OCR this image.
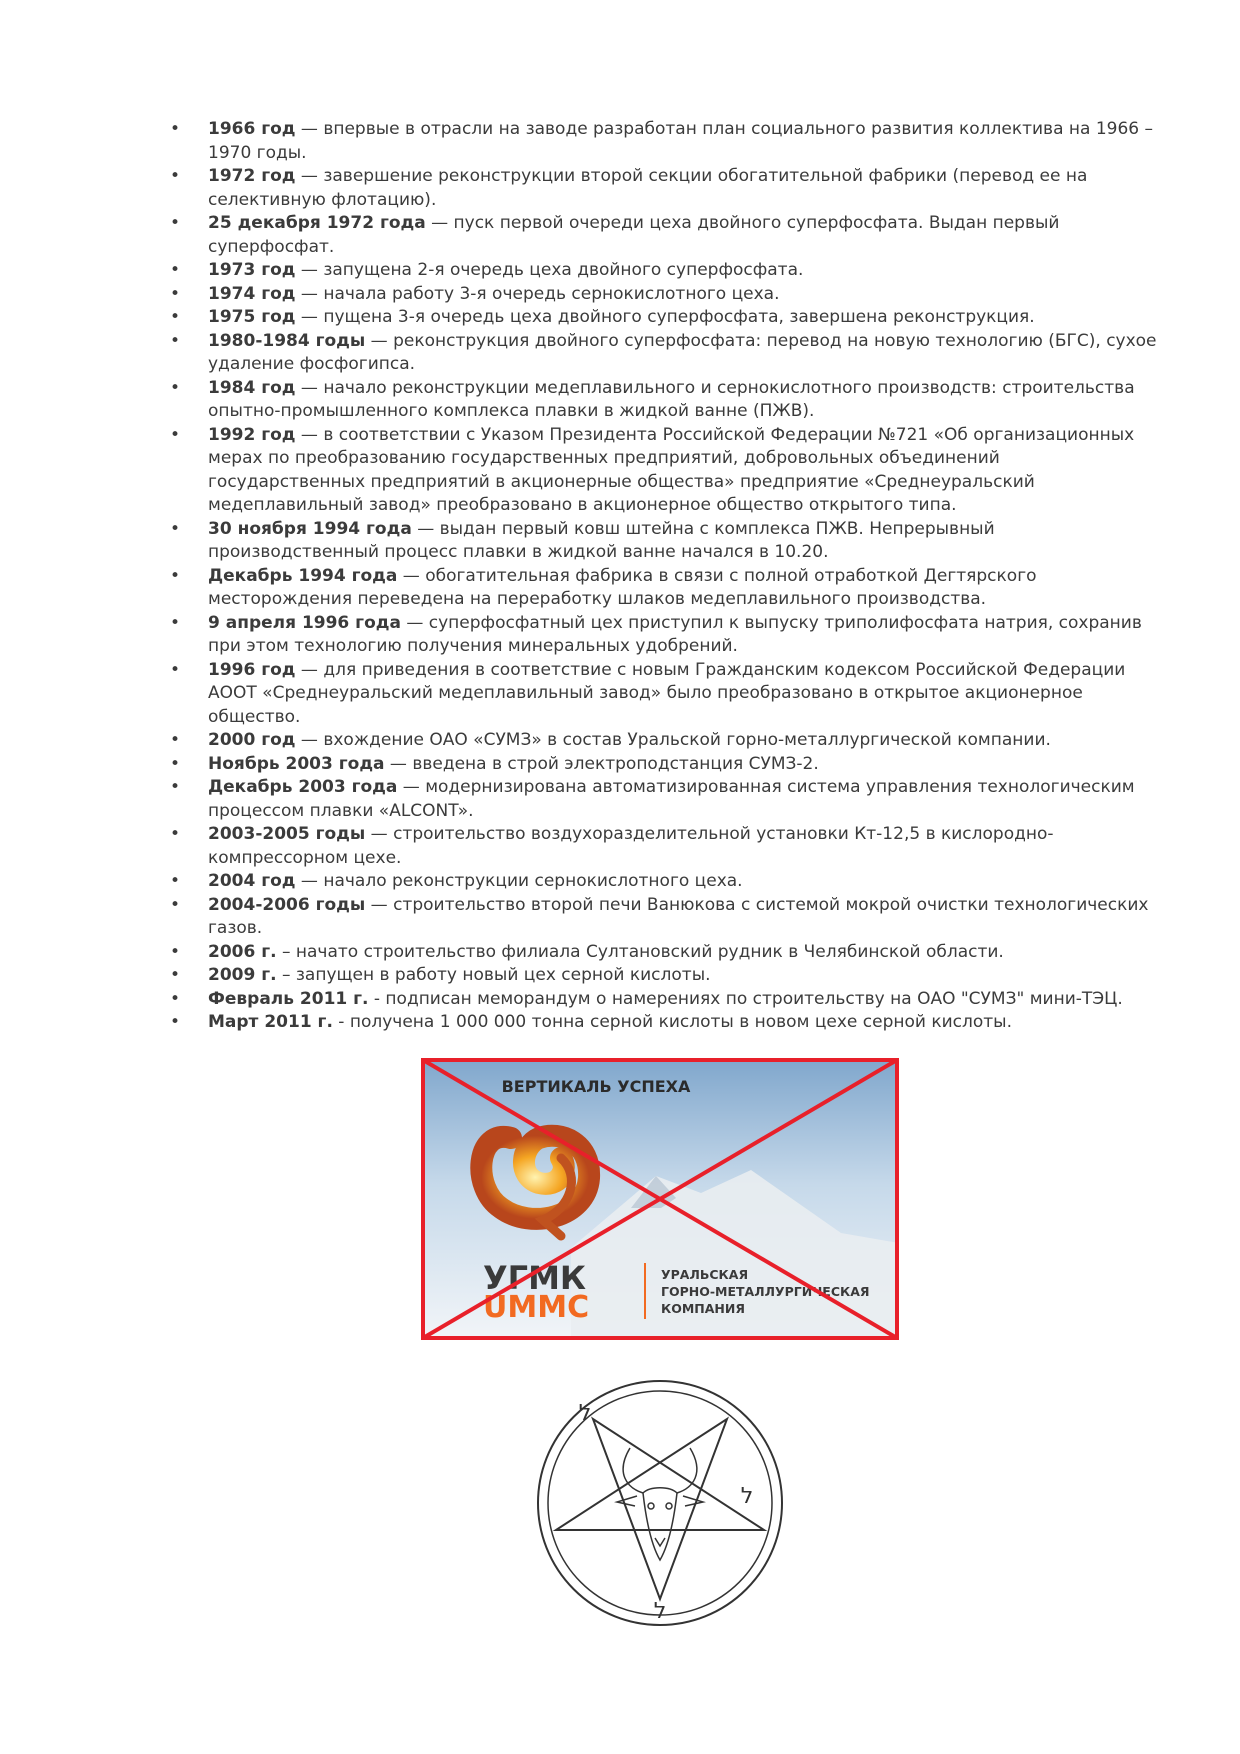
• 1966 год — впервые в отрасли на заводе разработан план социального развития коллектива на 1966 – 1970 годы.
• 1972 год — завершение реконструкции второй секции обогатительной фабрики (перевод ее на селективную флотацию).
• 25 декабря 1972 года — пуск первой очереди цеха двойного суперфосфата. Выдан первый суперфосфат.
• 1973 год — запущена 2-я очередь цеха двойного суперфосфата.
• 1974 год — начала работу 3-я очередь сернокислотного цеха.
• 1975 год — пущена 3-я очередь цеха двойного суперфосфата, завершена реконструкция.
• 1980-1984 годы — реконструкция двойного суперфосфата: перевод на новую технологию (БГС), сухое удаление фосфогипса.
• 1984 год — начало реконструкции медеплавильного и сернокислотного производств: строительства опытно-промышленного комплекса плавки в жидкой ванне (ПЖВ).
• 1992 год — в соответствии с Указом Президента Российской Федерации №721 «Об организационных мерах по преобразованию государственных предприятий, добровольных объединений государственных предприятий в акционерные общества» предприятие «Среднеуральский медеплавильный завод» преобразовано в акционерное общество открытого типа.
• 30 ноября 1994 года — выдан первый ковш штейна с комплекса ПЖВ. Непрерывный производственный процесс плавки в жидкой ванне начался в 10.20.
• Декабрь 1994 года — обогатительная фабрика в связи с полной отработкой Дегтярского месторождения переведена на переработку шлаков медеплавильного производства.
• 9 апреля 1996 года — суперфосфатный цех приступил к выпуску триполифосфата натрия, сохранив при этом технологию получения минеральных удобрений.
• 1996 год — для приведения в соответствие с новым Гражданским кодексом Российской Федерации АООТ «Среднеуральский медеплавильный завод» было преобразовано в открытое акционерное общество.
• 2000 год — вхождение ОАО «СУМЗ» в состав Уральской горно-металлургической компании.
• Ноябрь 2003 года — введена в строй электроподстанция СУМЗ-2.
• Декабрь 2003 года — модернизирована автоматизированная система управления технологическим процессом плавки «ALCONT».
• 2003-2005 годы — строительство воздухоразделительной установки Кт-12,5 в кислородно-компрессорном цехе.
• 2004 год — начало реконструкции сернокислотного цеха.
• 2004-2006 годы — строительство второй печи Ванюкова с системой мокрой очистки технологических газов.
• 2006 г. – начато строительство филиала Султановский рудник в Челябинской области.
• 2009 г. – запущен в работу новый цех серной кислоты.
• Февраль 2011 г. - подписан меморандум о намерениях по строительству на ОАО "СУМЗ" мини-ТЭЦ.
• Март 2011 г. - получена 1 000 000 тонна серной кислоты в новом цехе серной кислоты.
ВЕРТИКАЛЬ УСПЕХА
УГМК
UMMC
УРАЛЬСКАЯ
ГОРНО-МЕТАЛЛУРГИЧЕСКАЯ
КОМПАНИЯ
ל
ל
ל
